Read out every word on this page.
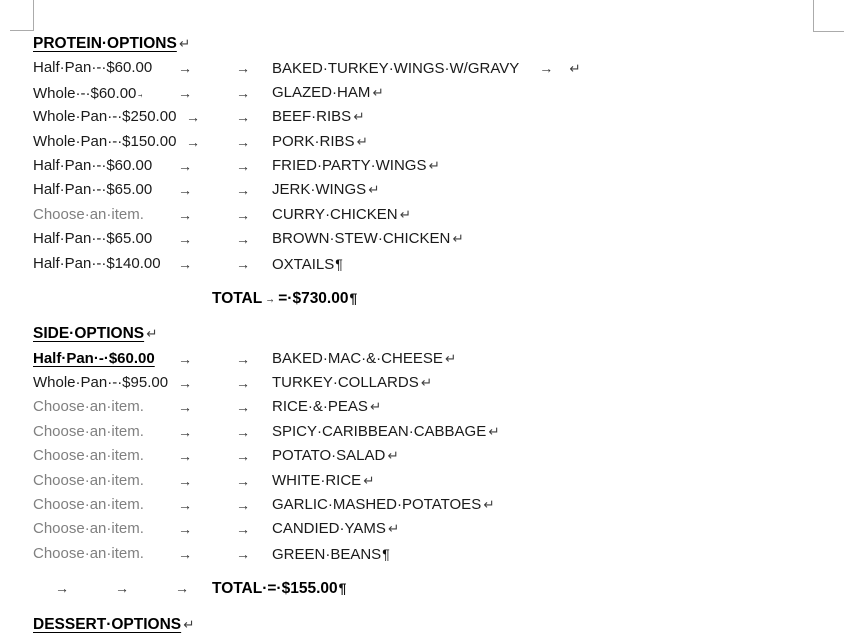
PROTEIN·OPTIONS ↵
Half·Pan·-·$60.00 →	→ BAKED·TURKEY·WINGS·W/GRAVY → ↵
Whole·-·$60.00→ →	→ GLAZED·HAM ↵
Whole·Pan·-·$250.00 →	→ BEEF·RIBS ↵
Whole·Pan·-·$150.00 →	→ PORK·RIBS ↵
Half·Pan·-·$60.00 →	→ FRIED·PARTY·WINGS ↵
Half·Pan·-·$65.00 →	→ JERK·WINGS ↵
Choose·an·item. →	→ CURRY·CHICKEN ↵
Half·Pan·-·$65.00 →	→ BROWN·STEW·CHICKEN ↵
Half·Pan·-·$140.00 →	→ OXTAILS¶
TOTAL → =·$730.00¶
SIDE·OPTIONS ↵
Half·Pan·-·$60.00 →	→ BAKED·MAC·&·CHEESE ↵
Whole·Pan·-·$95.00 →	→ TURKEY·COLLARDS ↵
Choose·an·item. →	→ RICE·&·PEAS ↵
Choose·an·item. →	→ SPICY·CARIBBEAN·CABBAGE ↵
Choose·an·item. →	→ POTATO·SALAD ↵
Choose·an·item. →	→ WHITE·RICE ↵
Choose·an·item. →	→ GARLIC·MASHED·POTATOES ↵
Choose·an·item. →	→ CANDIED·YAMS ↵
Choose·an·item. →	→ GREEN·BEANS¶
→	→	→ TOTAL·=·$155.00¶
DESSERT·OPTIONS ↵
